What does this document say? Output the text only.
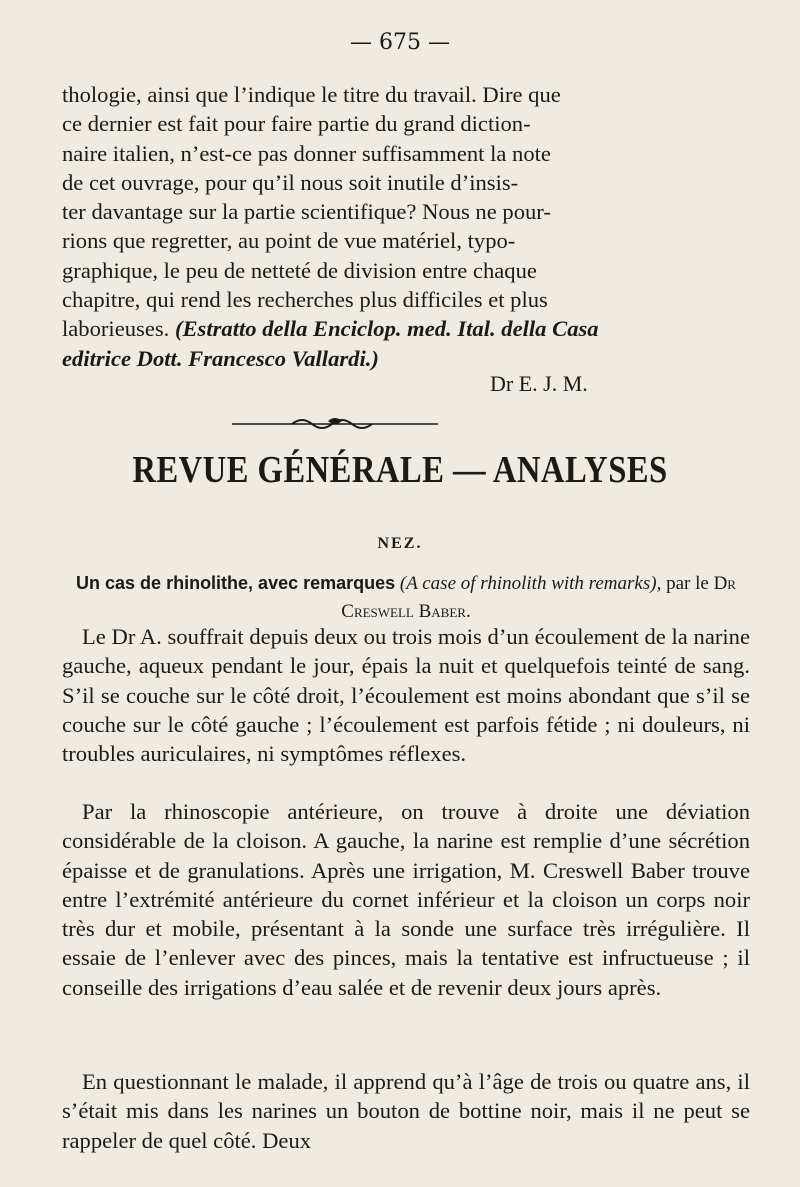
— 675 —
thologie, ainsi que l’indique le titre du travail. Dire que
ce dernier est fait pour faire partie du grand diction-
naire italien, n’est-ce pas donner suffisamment la note
de cet ouvrage, pour qu’il nous soit inutile d’insis-
ter davantage sur la partie scientifique? Nous ne pour-
rions que regretter, au point de vue matériel, typo-
graphique, le peu de netteté de division entre chaque
chapitre, qui rend les recherches plus difficiles et plus
laborieuses. (Estratto della Enciclop. med. Ital. della Casa
editrice Dott. Francesco Vallardi.)
Dr E. J. M.
REVUE GÉNÉRALE — ANALYSES
NEZ.
Un cas de rhinolithe, avec remarques (A case of rhinolith with remarks), par le Dr Creswell Baber.
Le Dr A. souffrait depuis deux ou trois mois d’un écoulement de la narine gauche, aqueux pendant le jour, épais la nuit et quelquefois teinté de sang. S’il se couche sur le côté droit, l’écoulement est moins abondant que s’il se couche sur le côté gauche ; l’écoulement est parfois fétide ; ni douleurs, ni troubles auriculaires, ni symptômes réflexes.
Par la rhinoscopie antérieure, on trouve à droite une déviation considérable de la cloison. A gauche, la narine est remplie d’une sécrétion épaisse et de granulations. Après une irrigation, M. Creswell Baber trouve entre l’extrémité antérieure du cornet inférieur et la cloison un corps noir très dur et mobile, présentant à la sonde une surface très irrégulière. Il essaie de l’enlever avec des pinces, mais la tentative est infructueuse ; il conseille des irrigations d’eau salée et de revenir deux jours après.
En questionnant le malade, il apprend qu’à l’âge de trois ou quatre ans, il s’était mis dans les narines un bouton de bottine noir, mais il ne peut se rappeler de quel côté. Deux
